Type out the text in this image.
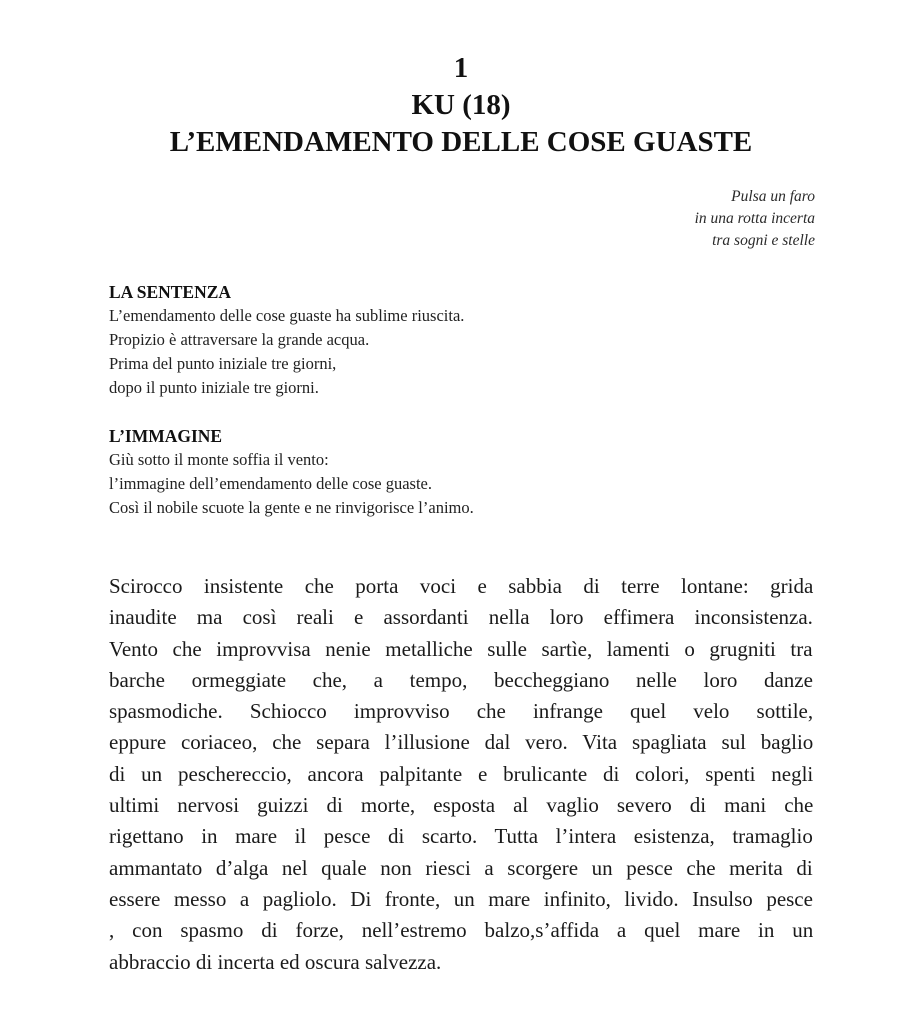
1
KU (18)
L’EMENDAMENTO DELLE COSE GUASTE
Pulsa un faro
in una rotta incerta
tra sogni e stelle
LA SENTENZA
L’emendamento delle cose guaste ha sublime riuscita.
Propizio è attraversare la grande acqua.
Prima del punto iniziale tre giorni,
dopo il punto iniziale tre giorni.
L’IMMAGINE
Giù sotto il monte soffia il vento:
l’immagine dell’emendamento delle cose guaste.
Così il nobile scuote la gente e ne rinvigorisce l’animo.
Scirocco insistente che porta voci e sabbia di terre lontane: grida
inaudite ma così reali e assordanti nella loro effimera inconsistenza.
Vento che improvvisa nenie metalliche sulle sartìe, lamenti o grugniti tra
barche ormeggiate che, a tempo, beccheggiano nelle loro danze
spasmodiche. Schiocco improvviso che infrange quel velo sottile,
eppure coriaceo, che separa l’illusione dal vero. Vita spagliata sul baglio
di un peschereccio, ancora palpitante e brulicante di colori, spenti negli
ultimi nervosi guizzi di morte, esposta al vaglio severo di mani che
rigettano in mare il pesce di scarto. Tutta l’intera esistenza, tramaglio
ammantato d’alga nel quale non riesci a scorgere un pesce che merita di
essere messo a pagliolo. Di fronte, un mare infinito, livido. Insulso pesce
, con spasmo di forze, nell’estremo balzo,s’affida a quel mare in un
abbraccio di incerta ed oscura salvezza.
